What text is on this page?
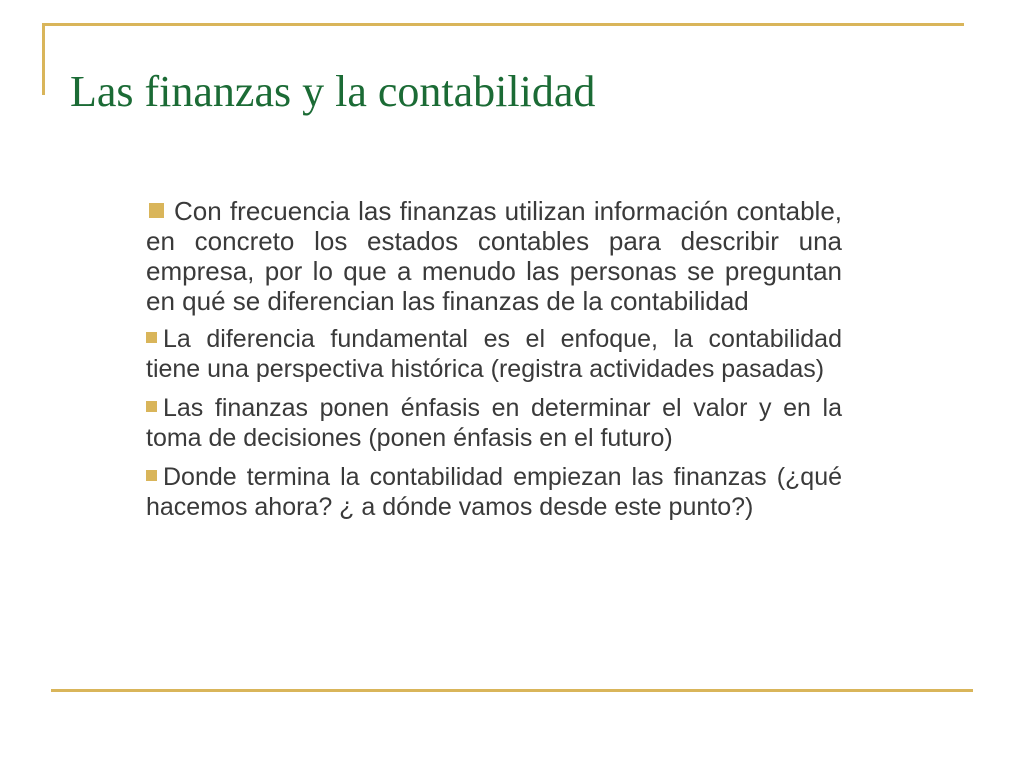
Las finanzas y la contabilidad
Con frecuencia las finanzas utilizan información contable, en concreto los estados contables para describir una empresa, por lo que a menudo las personas se preguntan en qué se diferencian las finanzas de la contabilidad
La diferencia fundamental es el enfoque, la contabilidad tiene una perspectiva histórica (registra actividades pasadas)
Las finanzas ponen énfasis en determinar el valor y en la toma de decisiones (ponen énfasis en el futuro)
Donde termina la contabilidad empiezan las finanzas (¿qué hacemos ahora? ¿ a dónde vamos desde este punto?)
